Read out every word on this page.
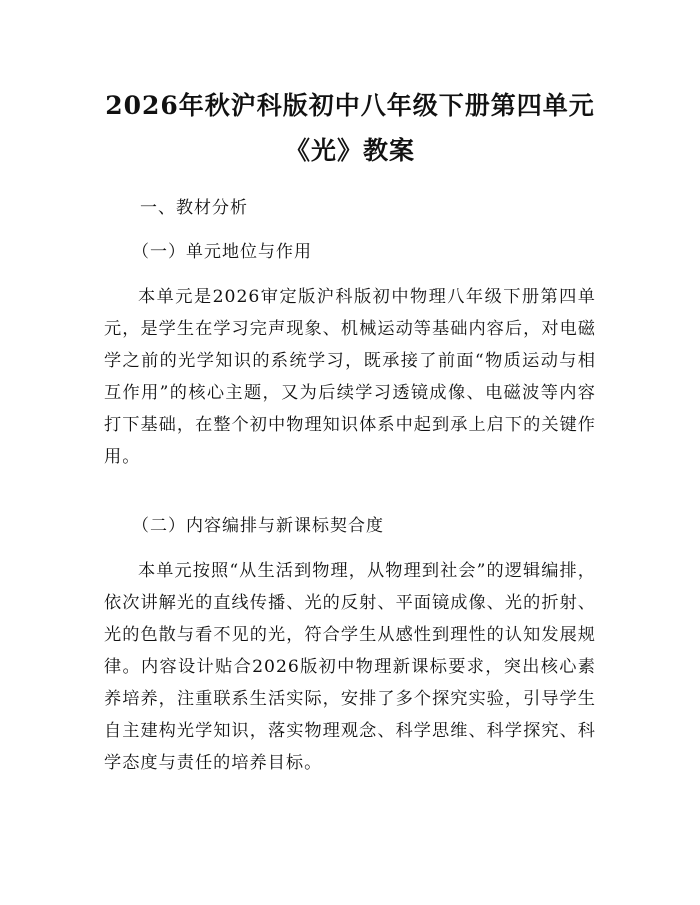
2026年秋沪科版初中八年级下册第四单元
《光》教案
一、教材分析
（一）单元地位与作用
本单元是2026审定版沪科版初中物理八年级下册第四单元，是学生在学习完声现象、机械运动等基础内容后，对电磁学之前的光学知识的系统学习，既承接了前面“物质运动与相互作用”的核心主题，又为后续学习透镜成像、电磁波等内容打下基础，在整个初中物理知识体系中起到承上启下的关键作用。
（二）内容编排与新课标契合度
本单元按照“从生活到物理，从物理到社会”的逻辑编排，依次讲解光的直线传播、光的反射、平面镜成像、光的折射、光的色散与看不见的光，符合学生从感性到理性的认知发展规律。内容设计贴合2026版初中物理新课标要求，突出核心素养培养，注重联系生活实际，安排了多个探究实验，引导学生自主建构光学知识，落实物理观念、科学思维、科学探究、科学态度与责任的培养目标。
